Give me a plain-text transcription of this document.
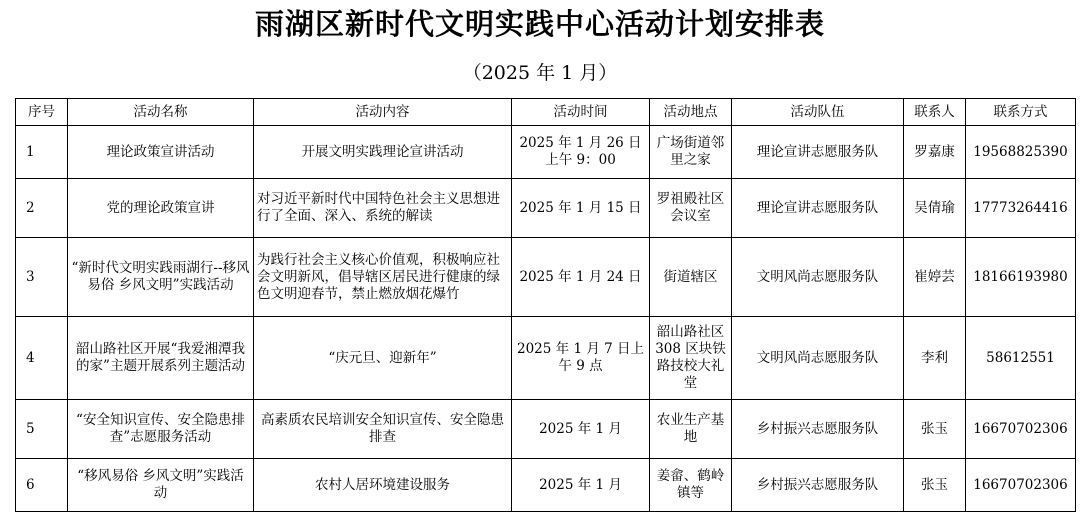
雨湖区新时代文明实践中心活动计划安排表
（2025 年 1 月）
序号	活动名称	活动内容	活动时间	活动地点	活动队伍	联系人	联系方式
1	理论政策宣讲活动	开展文明实践理论宣讲活动	2025 年 1 月 26 日上午 9：00	广场街道邻里之家	理论宣讲志愿服务队	罗嘉康	19568825390
2	党的理论政策宣讲	对习近平新时代中国特色社会主义思想进行了全面、深入、系统的解读	2025 年 1 月 15 日	罗祖殿社区会议室	理论宣讲志愿服务队	吴倩瑜	17773264416
3	“新时代文明实践雨湖行--移风易俗 乡风文明”实践活动	为践行社会主义核心价值观，积极响应社会文明新风，倡导辖区居民进行健康的绿色文明迎春节，禁止燃放烟花爆竹	2025 年 1 月 24 日	街道辖区	文明风尚志愿服务队	崔婷芸	18166193980
4	韶山路社区开展“我爱湘潭我的家”主题开展系列主题活动	“庆元旦、迎新年”	2025 年 1 月 7 日上午 9 点	韶山路社区 308 区块铁路技校大礼堂	文明风尚志愿服务队	李利	58612551
5	“安全知识宣传、安全隐患排查”志愿服务活动	高素质农民培训安全知识宣传、安全隐患排查	2025 年 1 月	农业生产基地	乡村振兴志愿服务队	张玉	16670702306
6	“移风易俗 乡风文明”实践活动	农村人居环境建设服务	2025 年 1 月	姜畲、鹤岭镇等	乡村振兴志愿服务队	张玉	16670702306
